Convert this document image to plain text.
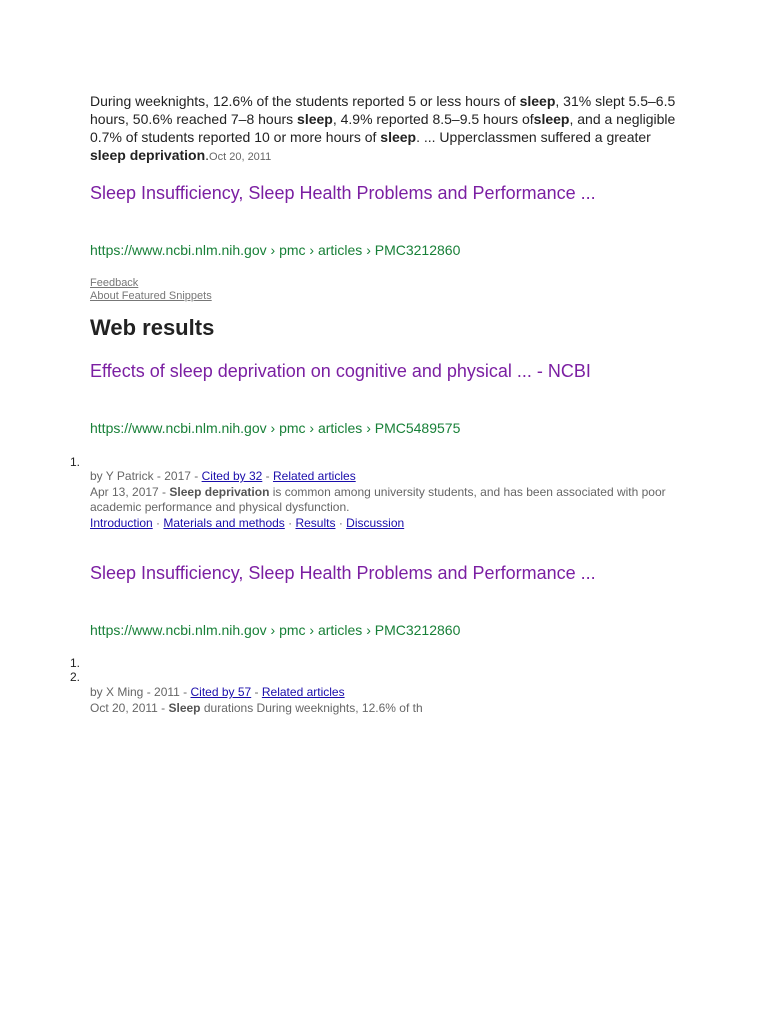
During weeknights, 12.6% of the students reported 5 or less hours of sleep, 31% slept 5.5–6.5 hours, 50.6% reached 7–8 hours sleep, 4.9% reported 8.5–9.5 hours ofsleep, and a negligible 0.7% of students reported 10 or more hours of sleep. ... Upperclassmen suffered a greater sleep deprivation.Oct 20, 2011
Sleep Insufficiency, Sleep Health Problems and Performance ...
https://www.ncbi.nlm.nih.gov › pmc › articles › PMC3212860
Feedback
About Featured Snippets
Web results
Effects of sleep deprivation on cognitive and physical ... - NCBI
https://www.ncbi.nlm.nih.gov › pmc › articles › PMC5489575
1.
by Y Patrick - 2017 - Cited by 32 - Related articles
Apr 13, 2017 - Sleep deprivation is common among university students, and has been associated with poor academic performance and physical dysfunction.
Introduction · Materials and methods · Results · Discussion
Sleep Insufficiency, Sleep Health Problems and Performance ...
https://www.ncbi.nlm.nih.gov › pmc › articles › PMC3212860
1.
2.
by X Ming - 2011 - Cited by 57 - Related articles
Oct 20, 2011 - Sleep durations During weeknights, 12.6% of th
